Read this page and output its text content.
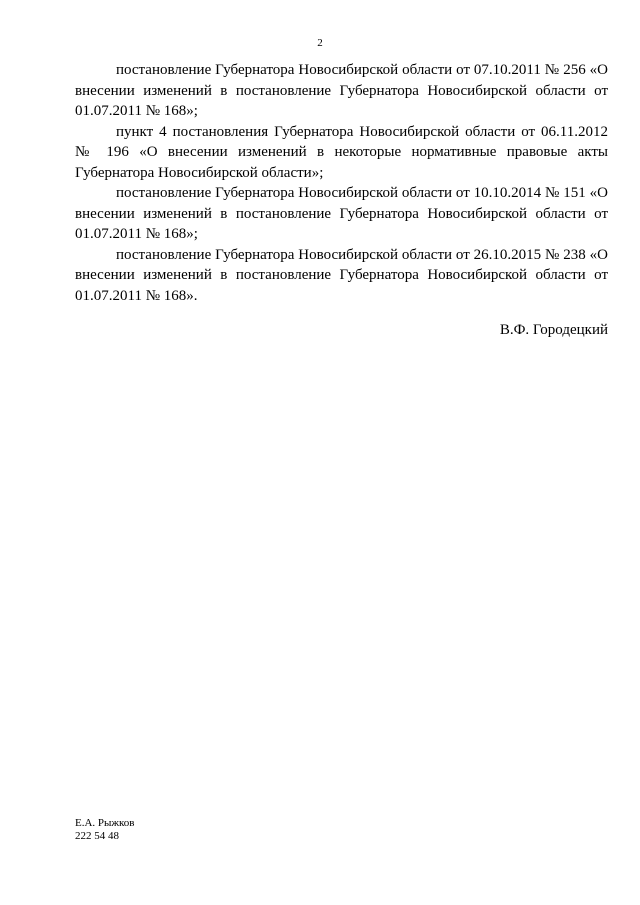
2

постановление Губернатора Новосибирской области от 07.10.2011 № 256 «О внесении изменений в постановление Губернатора Новосибирской области от 01.07.2011 № 168»;

пункт 4 постановления Губернатора Новосибирской области от 06.11.2012 № 196 «О внесении изменений в некоторые нормативные правовые акты Губернатора Новосибирской области»;

постановление Губернатора Новосибирской области от 10.10.2014 № 151 «О внесении изменений в постановление Губернатора Новосибирской области от 01.07.2011 № 168»;

постановление Губернатора Новосибирской области от 26.10.2015 № 238 «О внесении изменений в постановление Губернатора Новосибирской области от 01.07.2011 № 168».

В.Ф. Городецкий
Е.А. Рыжков
222 54 48
